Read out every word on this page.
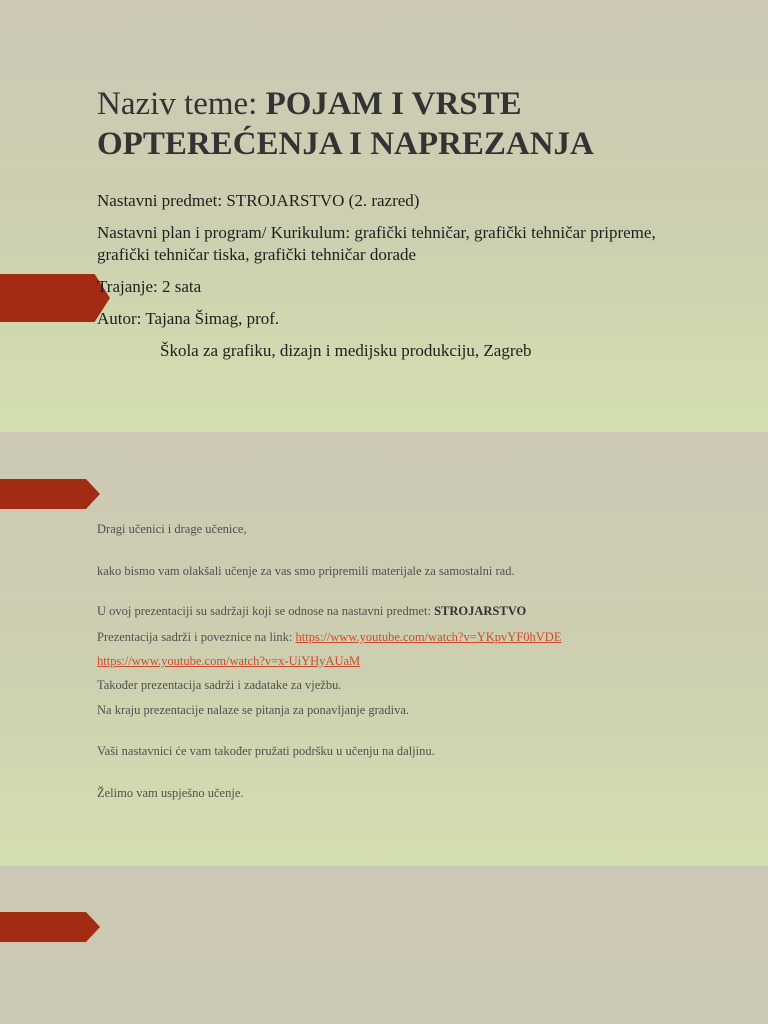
Naziv teme: POJAM I VRSTE OPTEREĆENJA I NAPREZANJA
Nastavni predmet: STROJARSTVO (2. razred)
Nastavni plan i program/ Kurikulum: grafički tehničar, grafički tehničar pripreme, grafički tehničar tiska, grafički tehničar dorade
Trajanje: 2 sata
Autor: Tajana Šimag, prof.
Škola za grafiku, dizajn i medijsku produkciju, Zagreb
Dragi učenici i drage učenice,
kako bismo vam olakšali učenje za vas smo pripremili materijale za samostalni rad.
U ovoj prezentaciji su sadržaji koji se odnose na nastavni predmet: STROJARSTVO
Prezentacija sadrži i poveznice na link: https://www.youtube.com/watch?v=YKpvYF0hVDE
https://www.youtube.com/watch?v=x-UiYHyAUaM
Također prezentacija sadrži i zadatake za vježbu.
Na kraju prezentacije nalaze se pitanja za ponavljanje gradiva.
Vaši nastavnici će vam također pružati podršku u učenju na daljinu.
Želimo vam uspješno učenje.
